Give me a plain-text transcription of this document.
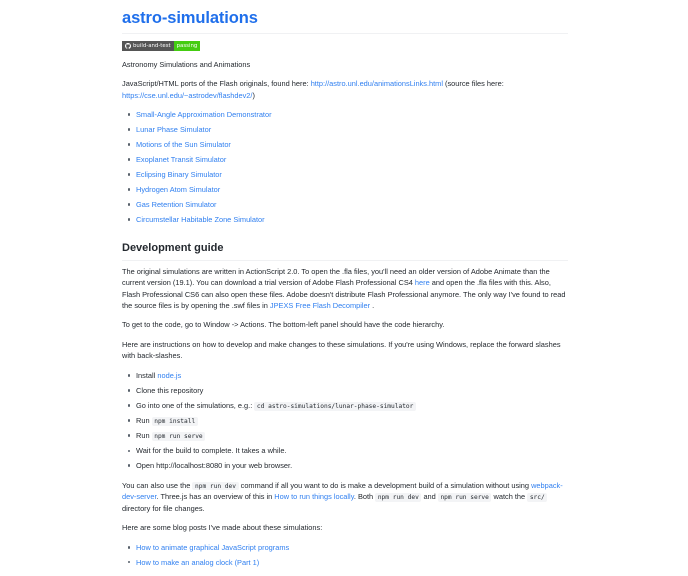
astro-simulations
build-and-test	passing

Astronomy Simulations and Animations

JavaScript/HTML ports of the Flash originals, found here: http://astro.unl.edu/animationsLinks.html (source files here: https://cse.unl.edu/~astrodev/flashdev2/)

Small-Angle Approximation Demonstrator
Lunar Phase Simulator
Motions of the Sun Simulator
Exoplanet Transit Simulator
Eclipsing Binary Simulator
Hydrogen Atom Simulator
Gas Retention Simulator
Circumstellar Habitable Zone Simulator
Development guide

The original simulations are written in ActionScript 2.0. To open the .fla files, you'll need an older version of Adobe Animate than the current version (19.1). You can download a trial version of Adobe Flash Professional CS4 here and open the .fla files with this. Also, Flash Professional CS6 can also open these files. Adobe doesn't distribute Flash Professional anymore. The only way I've found to read the source files is by opening the .swf files in JPEXS Free Flash Decompiler .

To get to the code, go to Window -> Actions. The bottom-left panel should have the code hierarchy.

Here are instructions on how to develop and make changes to these simulations. If you're using Windows, replace the forward slashes with back-slashes.

Install node.js
Clone this repository
Go into one of the simulations, e.g.: cd astro-simulations/lunar-phase-simulator
Run npm install
Run npm run serve
Wait for the build to complete. It takes a while.
Open http://localhost:8080 in your web browser.

You can also use the npm run dev command if all you want to do is make a development build of a simulation without using webpack-dev-server. Three.js has an overview of this in How to run things locally. Both npm run dev and npm run serve watch the src/ directory for file changes.

Here are some blog posts I've made about these simulations:

How to animate graphical JavaScript programs
How to make an analog clock (Part 1)
